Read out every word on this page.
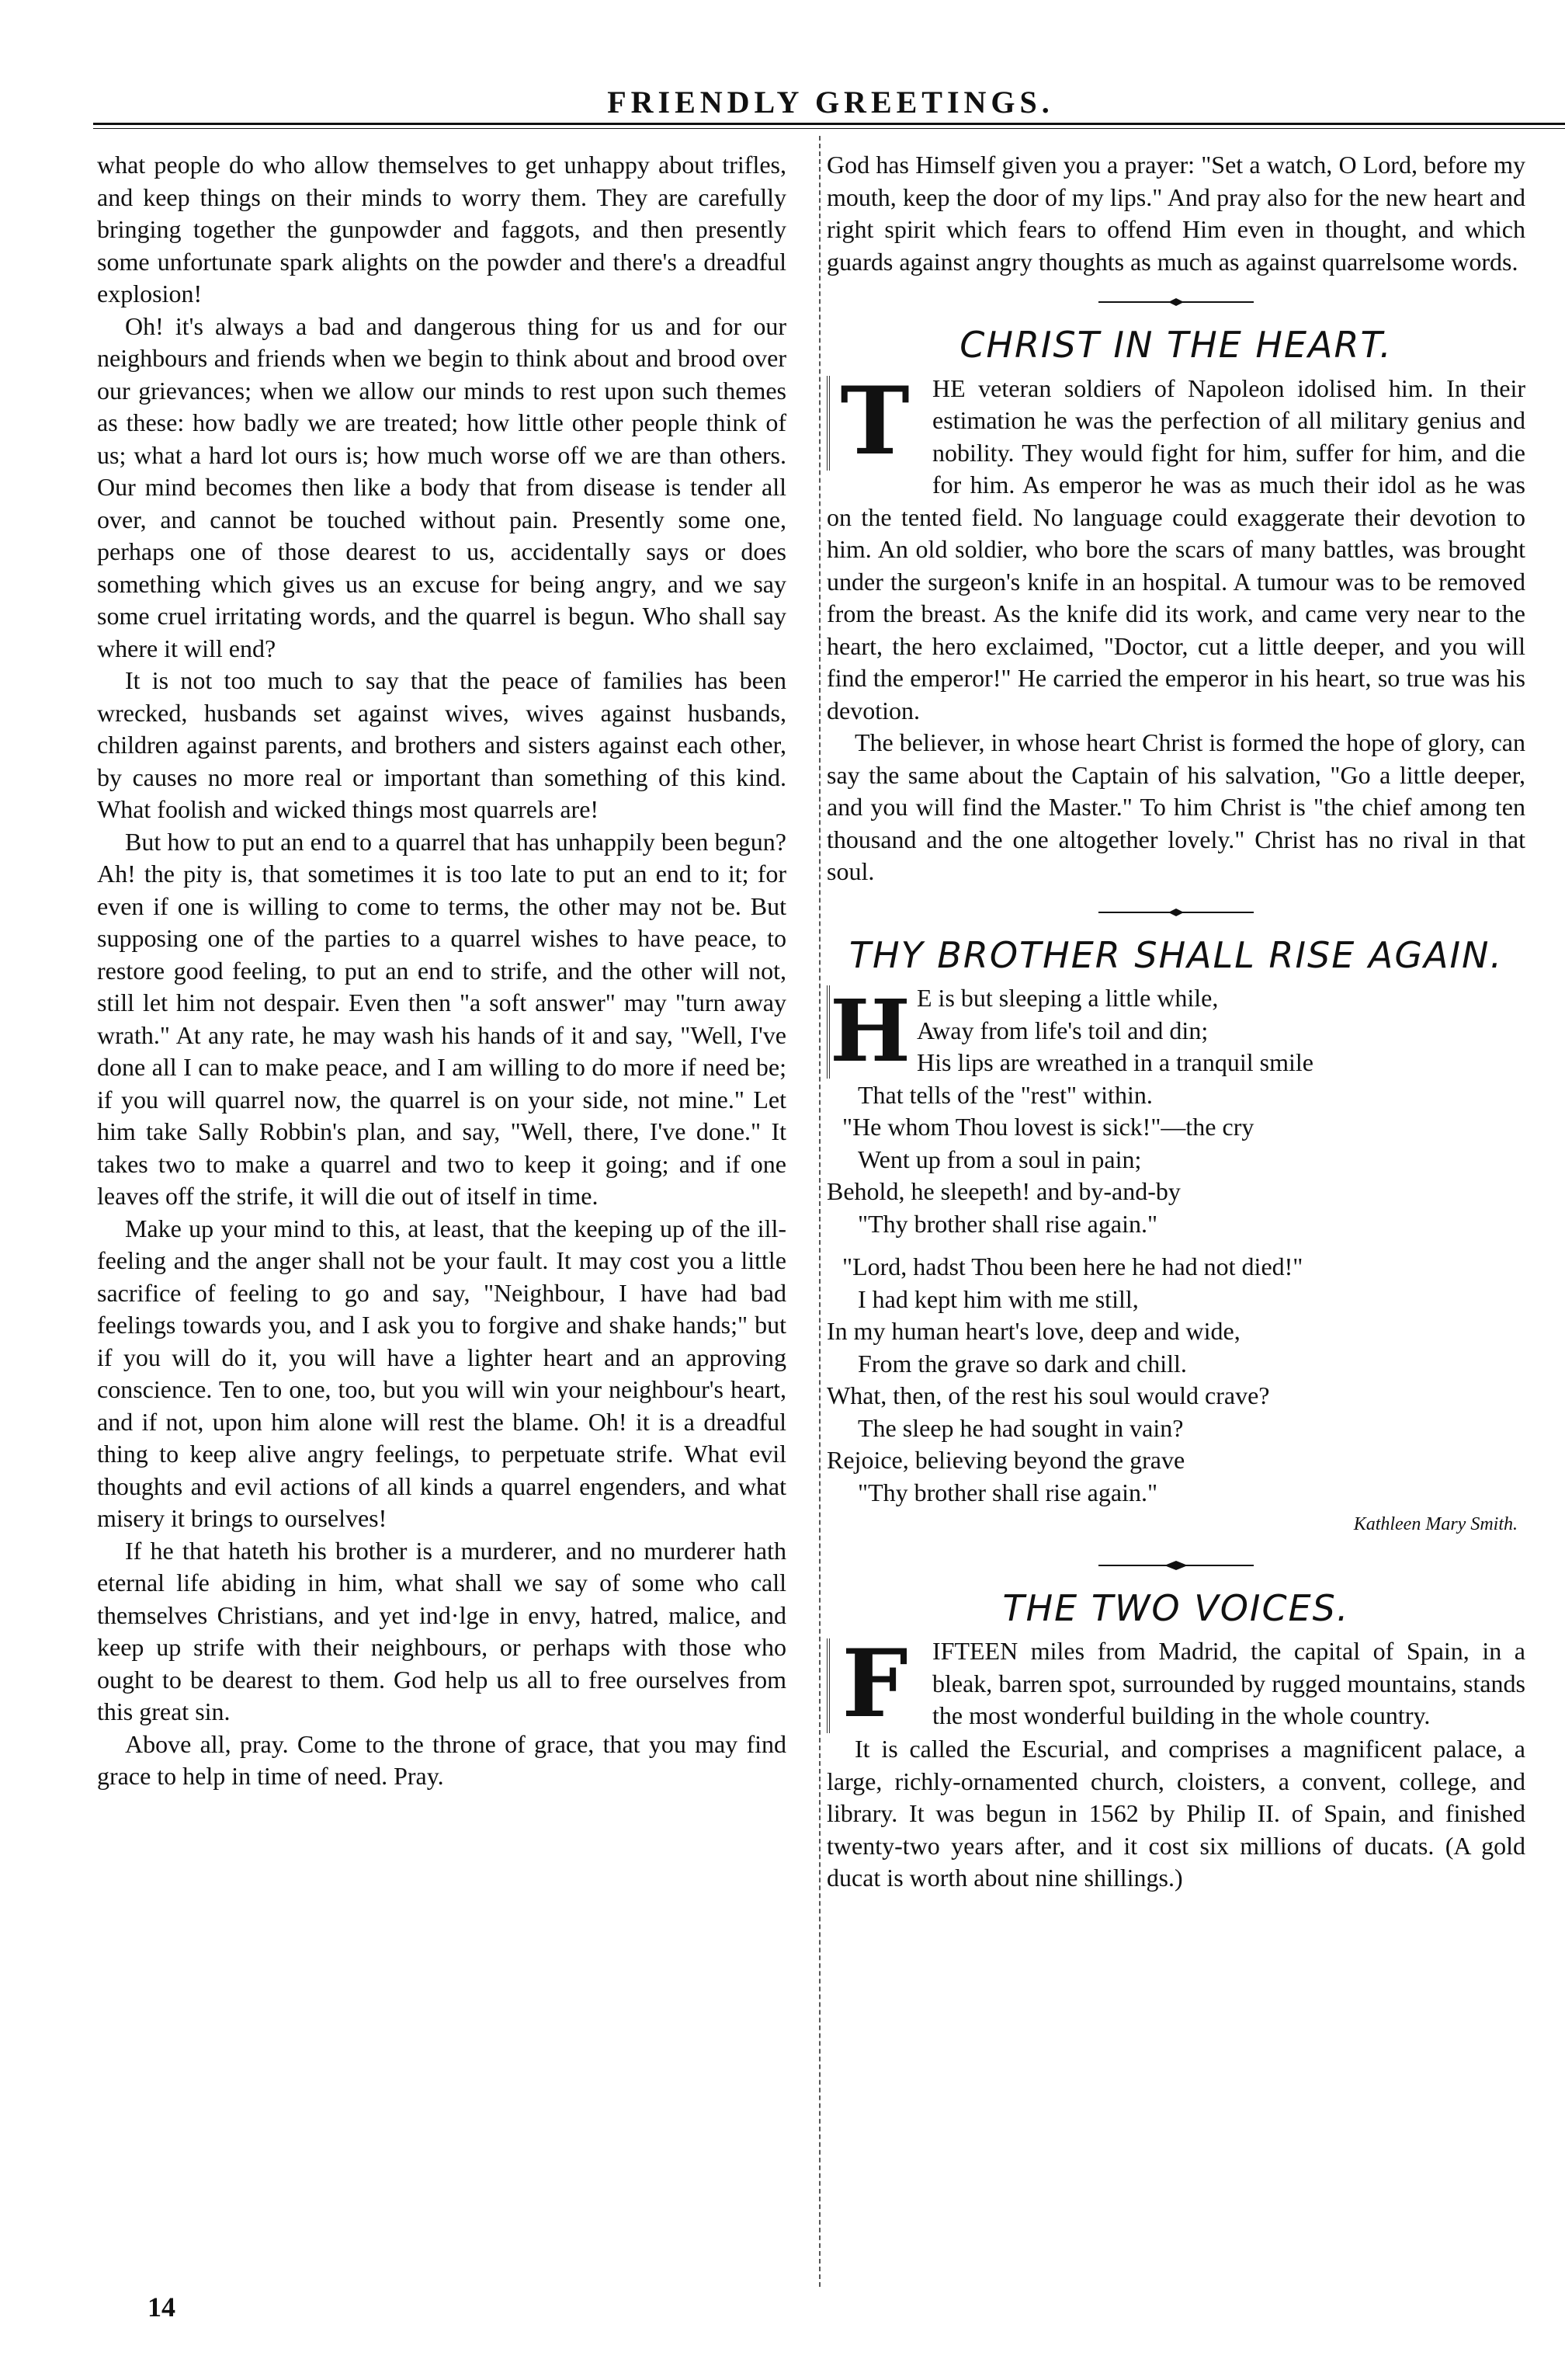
FRIENDLY GREETINGS.

what people do who allow themselves to get unhappy about trifles, and keep things on their minds to worry them. They are carefully bringing together the gunpowder and faggots, and then presently some unfortunate spark alights on the powder and there's a dreadful explosion!

Oh! it's always a bad and dangerous thing for us and for our neighbours and friends when we begin to think about and brood over our grievances; when we allow our minds to rest upon such themes as these: how badly we are treated; how little other people think of us; what a hard lot ours is; how much worse off we are than others. Our mind becomes then like a body that from disease is tender all over, and cannot be touched without pain. Presently some one, perhaps one of those dearest to us, accidentally says or does something which gives us an excuse for being angry, and we say some cruel irritating words, and the quarrel is begun. Who shall say where it will end?

It is not too much to say that the peace of families has been wrecked, husbands set against wives, wives against husbands, children against parents, and brothers and sisters against each other, by causes no more real or important than something of this kind. What foolish and wicked things most quarrels are!

But how to put an end to a quarrel that has unhappily been begun? Ah! the pity is, that sometimes it is too late to put an end to it; for even if one is willing to come to terms, the other may not be. But supposing one of the parties to a quarrel wishes to have peace, to restore good feeling, to put an end to strife, and the other will not, still let him not despair. Even then "a soft answer" may "turn away wrath." At any rate, he may wash his hands of it and say, "Well, I've done all I can to make peace, and I am willing to do more if need be; if you will quarrel now, the quarrel is on your side, not mine." Let him take Sally Robbin's plan, and say, "Well, there, I've done." It takes two to make a quarrel and two to keep it going; and if one leaves off the strife, it will die out of itself in time.

Make up your mind to this, at least, that the keeping up of the ill-feeling and the anger shall not be your fault. It may cost you a little sacrifice of feeling to go and say, "Neighbour, I have had bad feelings towards you, and I ask you to forgive and shake hands;" but if you will do it, you will have a lighter heart and an approving conscience. Ten to one, too, but you will win your neighbour's heart, and if not, upon him alone will rest the blame. Oh! it is a dreadful thing to keep alive angry feelings, to perpetuate strife. What evil thoughts and evil actions of all kinds a quarrel engenders, and what misery it brings to ourselves!

If he that hateth his brother is a murderer, and no murderer hath eternal life abiding in him, what shall we say of some who call themselves Christians, and yet ind·lge in envy, hatred, malice, and keep up strife with their neighbours, or perhaps with those who ought to be dearest to them. God help us all to free ourselves from this great sin.

Above all, pray. Come to the throne of grace, that you may find grace to help in time of need. Pray.

14

God has Himself given you a prayer: "Set a watch, O Lord, before my mouth, keep the door of my lips." And pray also for the new heart and right spirit which fears to offend Him even in thought, and which guards against angry thoughts as much as against quarrelsome words.

CHRIST IN THE HEART.
T HE veteran soldiers of Napoleon idolised him. In their estimation he was the perfection of all military genius and nobility. They would fight for him, suffer for him, and die for him. As emperor he was as much their idol as he was on the tented field. No language could exaggerate their devotion to him. An old soldier, who bore the scars of many battles, was brought under the surgeon's knife in an hospital. A tumour was to be removed from the breast. As the knife did its work, and came very near to the heart, the hero exclaimed, "Doctor, cut a little deeper, and you will find the emperor!" He carried the emperor in his heart, so true was his devotion.

The believer, in whose heart Christ is formed the hope of glory, can say the same about the Captain of his salvation, "Go a little deeper, and you will find the Master." To him Christ is "the chief among ten thousand and the one altogether lovely." Christ has no rival in that soul.

THY BROTHER SHALL RISE AGAIN.
H E is but sleeping a little while,
Away from life's toil and din;
His lips are wreathed in a tranquil smile
That tells of the "rest" within.
"He whom Thou lovest is sick!"—the cry
Went up from a soul in pain;
Behold, he sleepeth! and by-and-by
"Thy brother shall rise again."
"Lord, hadst Thou been here he had not died!"
I had kept him with me still,
In my human heart's love, deep and wide,
From the grave so dark and chill.
What, then, of the rest his soul would crave?
The sleep he had sought in vain?
Rejoice, believing beyond the grave
"Thy brother shall rise again."
Kathleen Mary Smith.
THE TWO VOICES.
F IFTEEN miles from Madrid, the capital of Spain, in a bleak, barren spot, surrounded by rugged mountains, stands the most wonderful building in the whole country.

It is called the Escurial, and comprises a magnificent palace, a large, richly-ornamented church, cloisters, a convent, college, and library. It was begun in 1562 by Philip II. of Spain, and finished twenty-two years after, and it cost six millions of ducats. (A gold ducat is worth about nine shillings.)
